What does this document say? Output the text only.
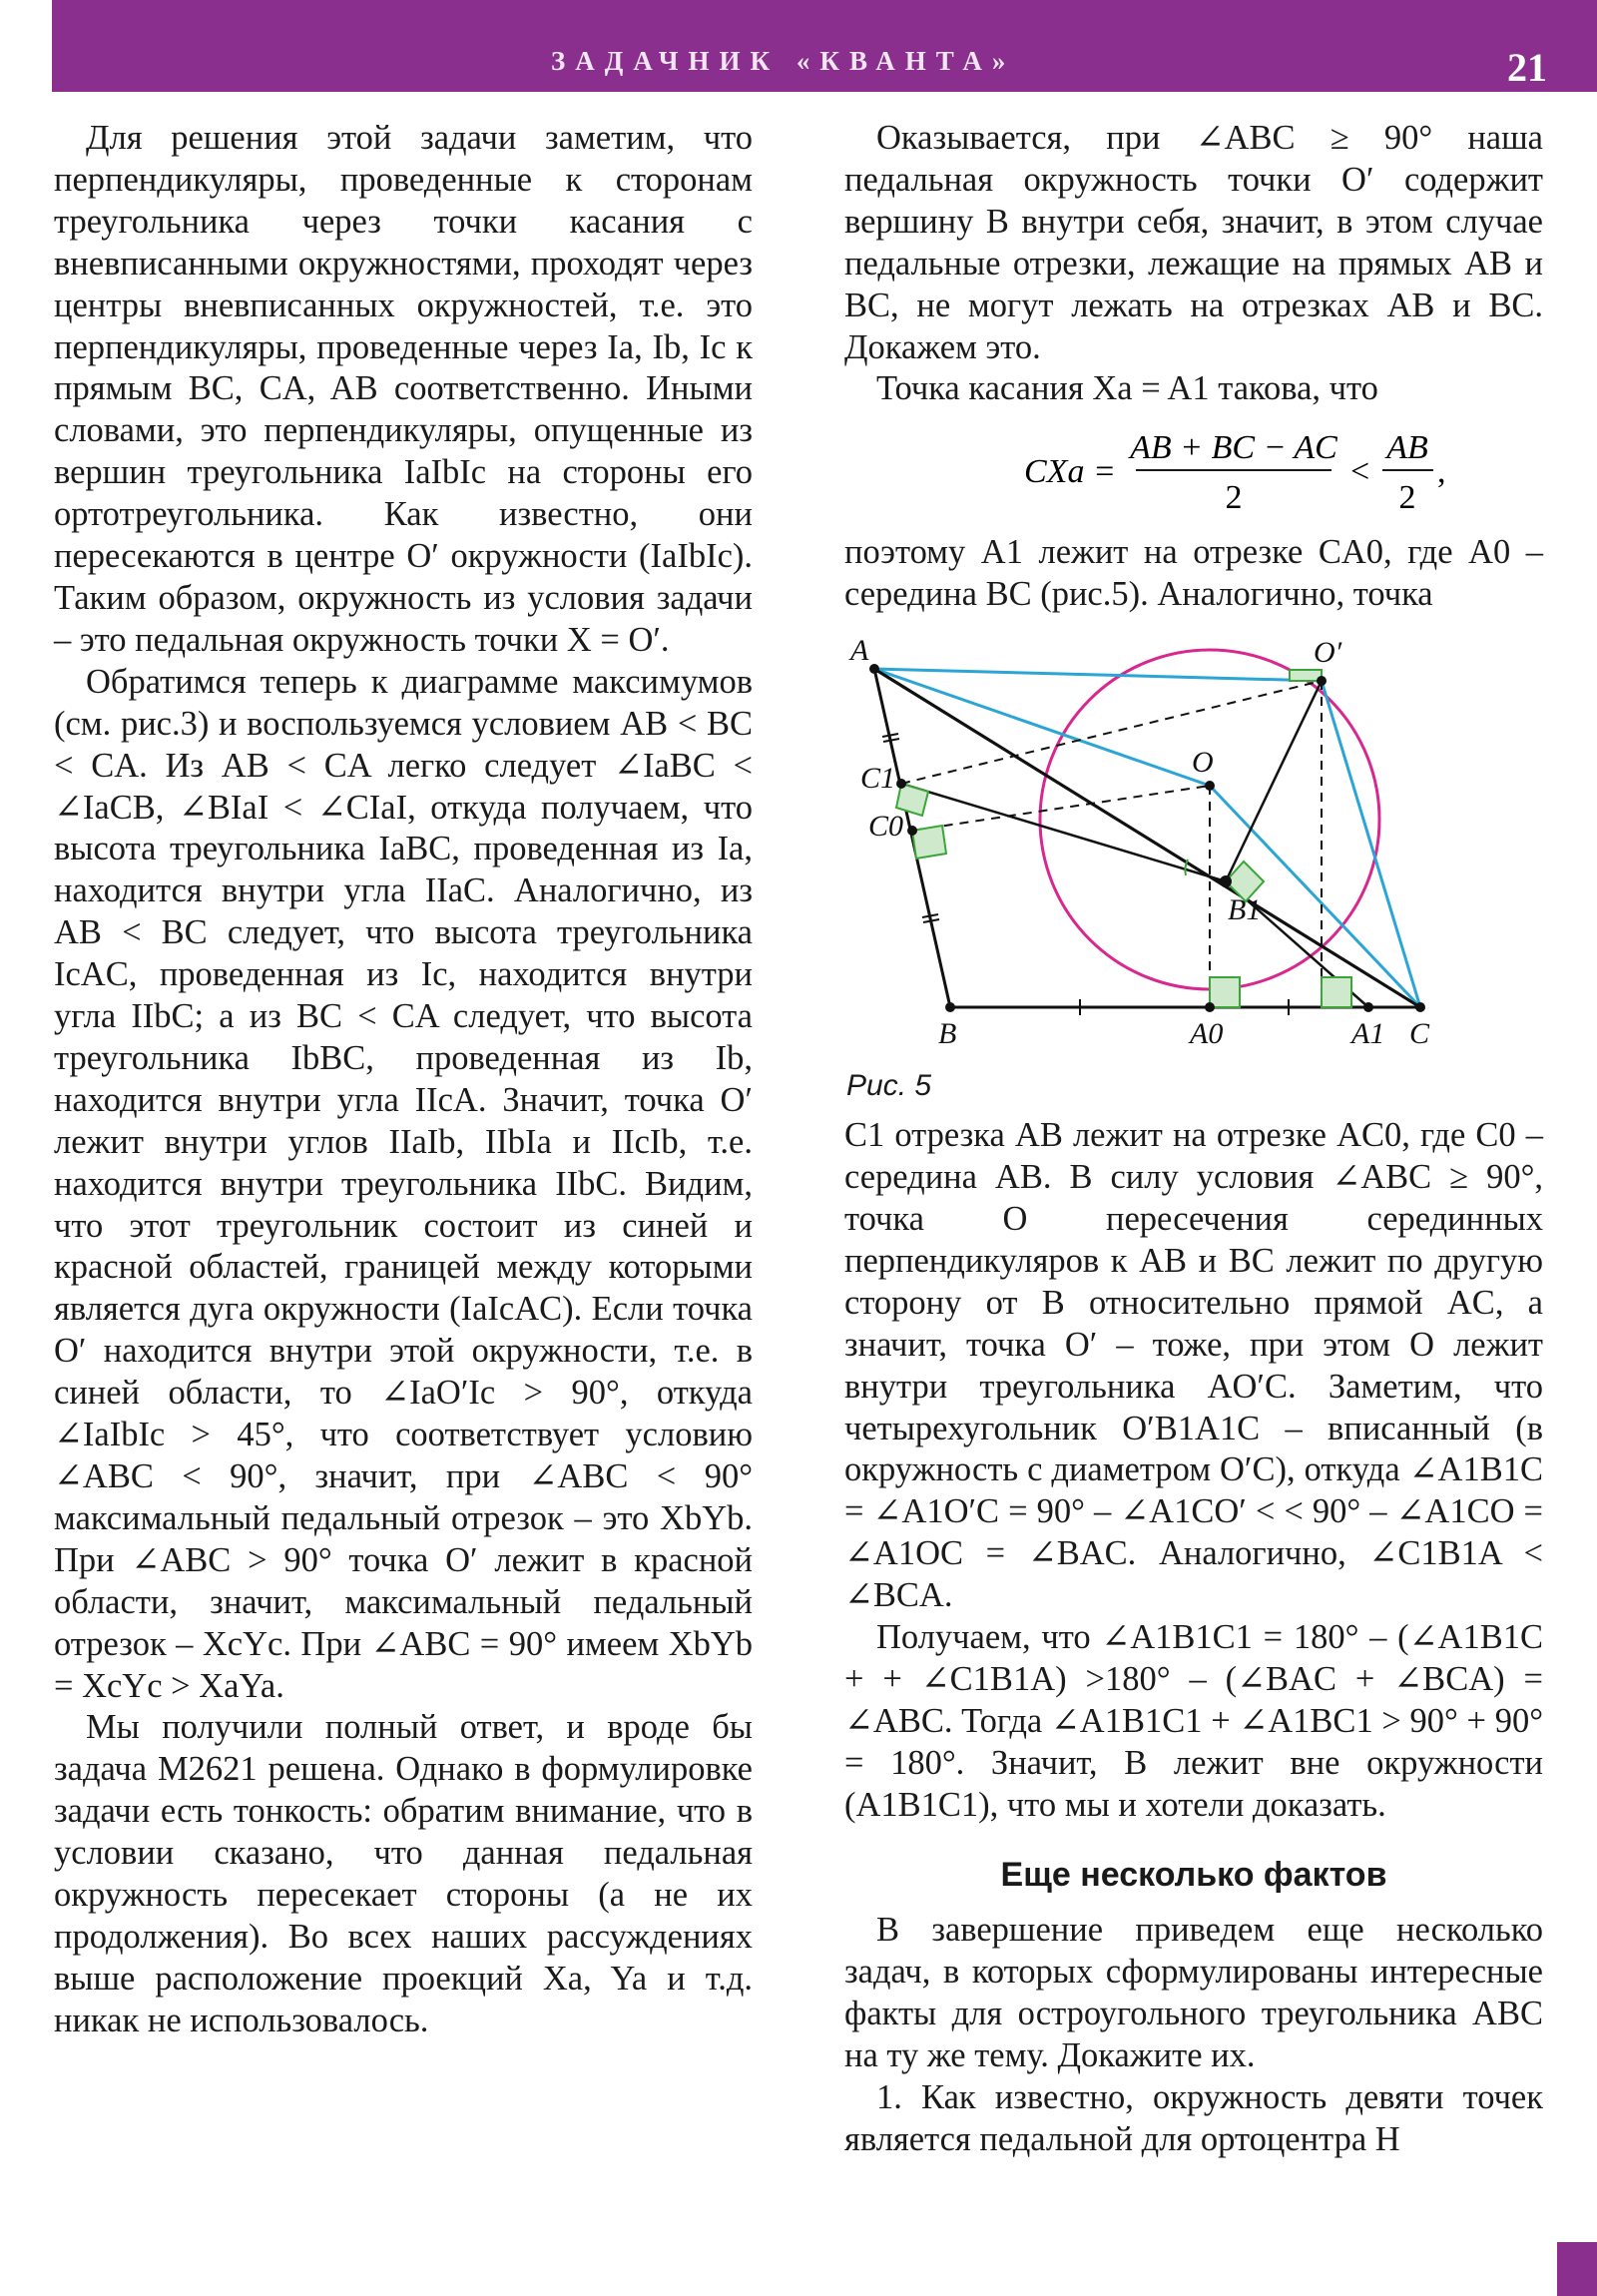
ЗАДАЧНИК «КВАНТА»	21

Для решения этой задачи заметим, что перпендикуляры, проведенные к сторонам треугольника через точки касания с вневписанными окружностями, проходят через центры вневписанных окружностей, т.е. это перпендикуляры, проведенные через Ia, Ib, Ic к прямым BC, CA, AB соответственно. Иными словами, это перпендикуляры, опущенные из вершин треугольника IaIbIc на стороны его ортотреугольника. Как известно, они пересекаются в центре O′ окружности (IaIbIc). Таким образом, окружность из условия задачи – это педальная окружность точки X = O′.

Обратимся теперь к диаграмме максимумов (см. рис.3) и воспользуемся условием AB < BC < CA. Из AB < CA легко следует ∠IaBC < ∠IaCB, ∠BIaI < ∠CIaI, откуда получаем, что высота треугольника IaBC, проведенная из Ia, находится внутри угла IIaC. Аналогично, из AB < BC следует, что высота треугольника IcAC, проведенная из Ic, находится внутри угла IIbC; а из BC < CA следует, что высота треугольника IbBC, проведенная из Ib, находится внутри угла IIcA. Значит, точка O′ лежит внутри углов IIaIb, IIbIa и IIcIb, т.е. находится внутри треугольника IIbC. Видим, что этот треугольник состоит из синей и красной областей, границей между которыми является дуга окружности (IaIcAC). Если точка O′ находится внутри этой окружности, т.е. в синей области, то ∠IaO′Ic > 90°, откуда ∠IaIbIc > 45°, что соответствует условию ∠ABC < 90°, значит, при ∠ABC < 90° максимальный педальный отрезок – это XbYb. При ∠ABC > 90° точка O′ лежит в красной области, значит, максимальный педальный отрезок – XcYc. При ∠ABC = 90° имеем XbYb = XcYc > XaYa.

Мы получили полный ответ, и вроде бы задача М2621 решена. Однако в формулировке задачи есть тонкость: обратим внимание, что в условии сказано, что данная педальная окружность пересекает стороны (а не их продолжения). Во всех наших рассуждениях выше расположение проекций Xa, Ya и т.д. никак не использовалось.

Оказывается, при ∠ABC ≥ 90° наша педальная окружность точки O′ содержит вершину B внутри себя, значит, в этом случае педальные отрезки, лежащие на прямых AB и BC, не могут лежать на отрезках AB и BC. Докажем это.

Точка касания Xa = A1 такова, что

CXa =
AB + BC − AC
2
<
AB
2
,

поэтому A1 лежит на отрезке CA0, где A0 – середина BC (рис.5). Аналогично, точка

A	O′
O
C1
C0
B1
B	A0	A1 C
Рис. 5

C1 отрезка AB лежит на отрезке AC0, где C0 – середина AB. В силу условия ∠ABC ≥ 90°, точка O пересечения серединных перпендикуляров к AB и BC лежит по другую сторону от B относительно прямой AC, а значит, точка O′ – тоже, при этом O лежит внутри треугольника AO′C. Заметим, что четырехугольник O′B1A1C – вписанный (в окружность с диаметром O′C), откуда ∠A1B1C = ∠A1O′C = 90° – ∠A1CO′ < < 90° – ∠A1CO = ∠A1OC = ∠BAC. Аналогично, ∠C1B1A < ∠BCA.

Получаем, что ∠A1B1C1 = 180° – (∠A1B1C + + ∠C1B1A) >180° – (∠BAC + ∠BCA) = ∠ABC. Тогда ∠A1B1C1 + ∠A1BC1 > 90° + 90° = 180°. Значит, B лежит вне окружности (A1B1C1), что мы и хотели доказать.

Еще несколько фактов

В завершение приведем еще несколько задач, в которых сформулированы интересные факты для остроугольного треугольника ABC на ту же тему. Докажите их.

1. Как известно, окружность девяти точек является педальной для ортоцентра H
